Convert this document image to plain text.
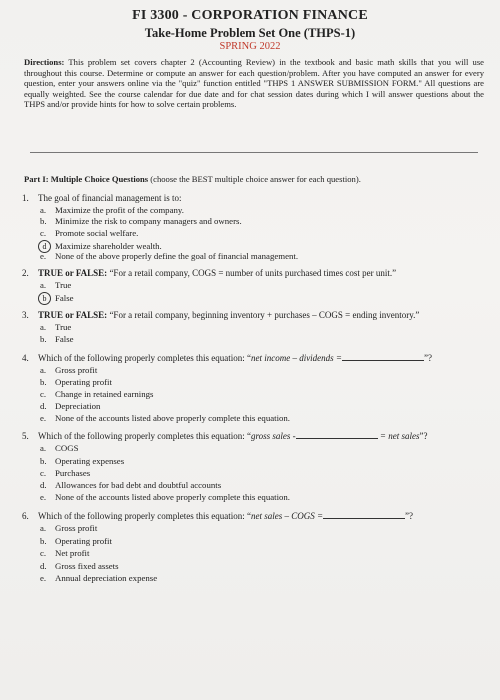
FI 3300 - CORPORATION FINANCE
Take-Home Problem Set One (THPS-1)
SPRING 2022
Directions: This problem set covers chapter 2 (Accounting Review) in the textbook and basic math skills that you will use throughout this course. Determine or compute an answer for each question/problem. After you have computed an answer for every question, enter your answers online via the "quiz" function entitled "THPS 1 ANSWER SUBMISSION FORM." All questions are equally weighted. See the course calendar for due date and for chat session dates during which I will answer questions about the THPS and/or provide hints for how to solve certain problems.
Part I: Multiple Choice Questions (choose the BEST multiple choice answer for each question).
1. The goal of financial management is to:
a. Maximize the profit of the company.
b. Minimize the risk to company managers and owners.
c. Promote social welfare.
d Maximize shareholder wealth.
e. None of the above properly define the goal of financial management.
2. TRUE or FALSE: “For a retail company, COGS = number of units purchased times cost per unit.”
a. True
b False
3. TRUE or FALSE: “For a retail company, beginning inventory + purchases – COGS = ending inventory.”
a. True
b. False
4. Which of the following properly completes this equation: “net income – dividends =	”?
a. Gross profit
b. Operating profit
c. Change in retained earnings
d. Depreciation
e. None of the accounts listed above properly complete this equation.
5. Which of the following properly completes this equation: “gross sales -	= net sales”?
a. COGS
b. Operating expenses
c. Purchases
d. Allowances for bad debt and doubtful accounts
e. None of the accounts listed above properly complete this equation.
6. Which of the following properly completes this equation: “net sales – COGS =	”?
a. Gross profit
b. Operating profit
c. Net profit
d. Gross fixed assets
e. Annual depreciation expense
